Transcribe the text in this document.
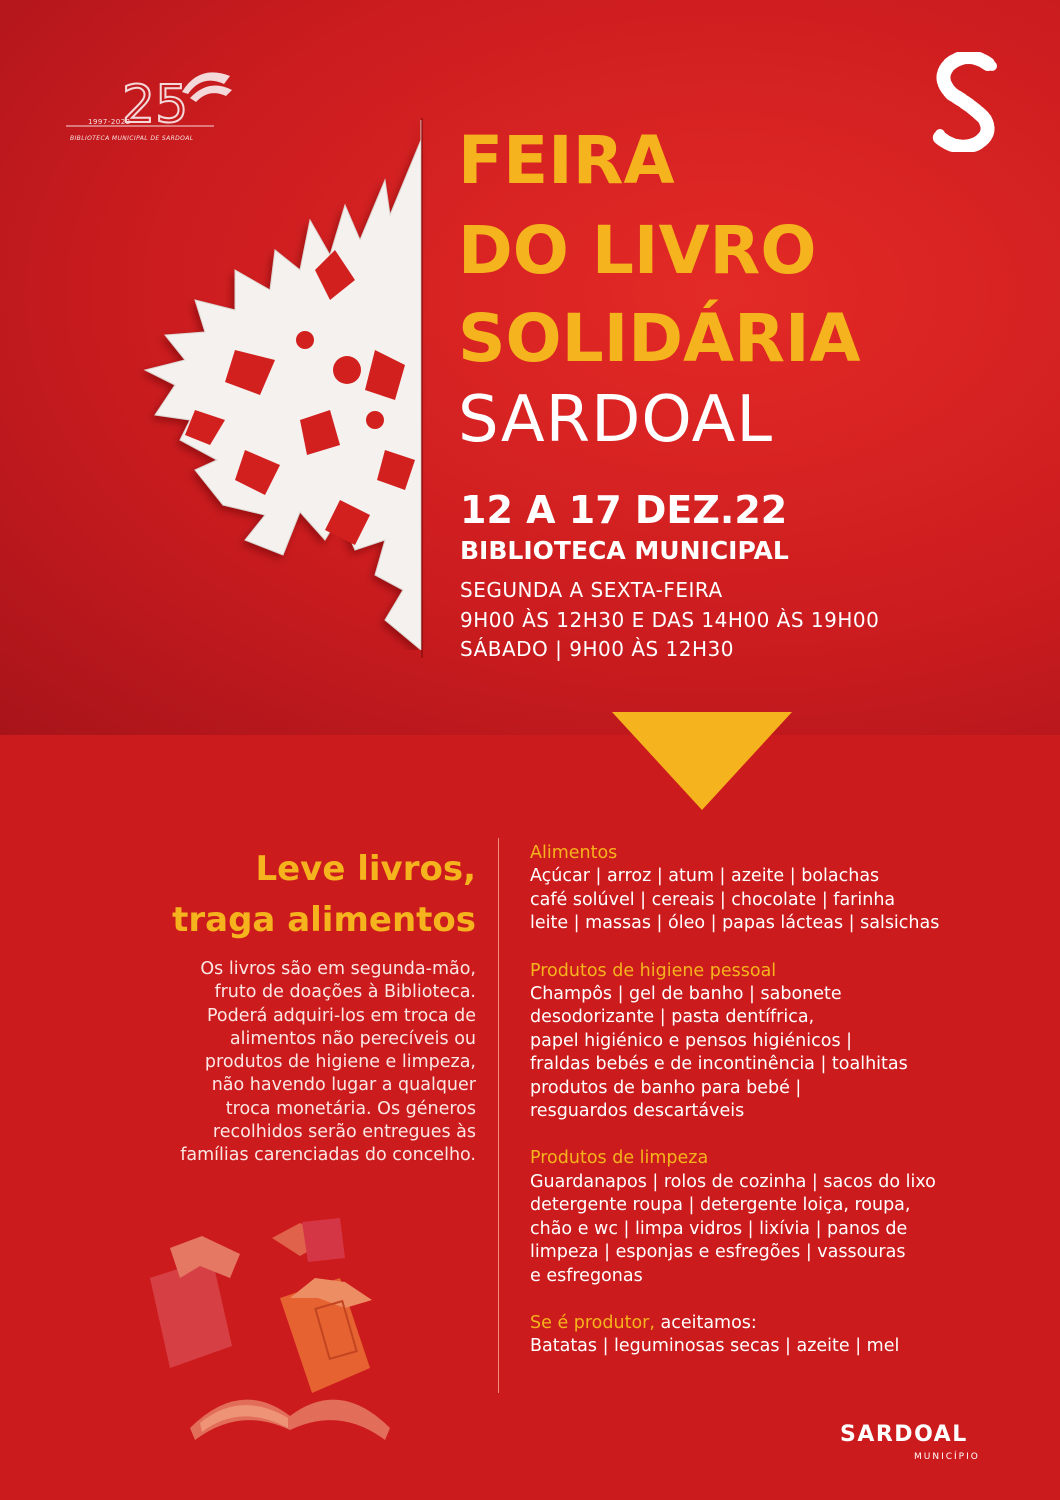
25
1997-2022
BIBLIOTECA MUNICIPAL DE SARDOAL	FEIRA
DO LIVRO
SOLIDÁRIA
SARDOAL
12 A 17 DEZ.22
BIBLIOTECA MUNICIPAL
SEGUNDA A SEXTA-FEIRA
9H00 ÀS 12H30 E DAS 14H00 ÀS 19H00
SÁBADO | 9H00 ÀS 12H30
Leve livros,
traga alimentos
Os livros são em segunda-mão,
fruto de doações à Biblioteca.
Poderá adquiri-los em troca de
alimentos não perecíveis ou
produtos de higiene e limpeza,
não havendo lugar a qualquer
troca monetária. Os géneros
recolhidos serão entregues às
famílias carenciadas do concelho.
Alimentos
Açúcar | arroz | atum | azeite | bolachas
café solúvel | cereais | chocolate | farinha
leite | massas | óleo | papas lácteas | salsichas
Produtos de higiene pessoal
Champôs | gel de banho | sabonete
desodorizante | pasta dentífrica,
papel higiénico e pensos higiénicos |
fraldas bebés e de incontinência | toalhitas
produtos de banho para bebé |
resguardos descartáveis
Produtos de limpeza
Guardanapos | rolos de cozinha | sacos do lixo
detergente roupa | detergente loiça, roupa,
chão e wc | limpa vidros | lixívia | panos de
limpeza | esponjas e esfregões | vassouras
e esfregonas
Se é produtor, aceitamos:
Batatas | leguminosas secas | azeite | mel
SARDOAL
MUNICÍPIO
